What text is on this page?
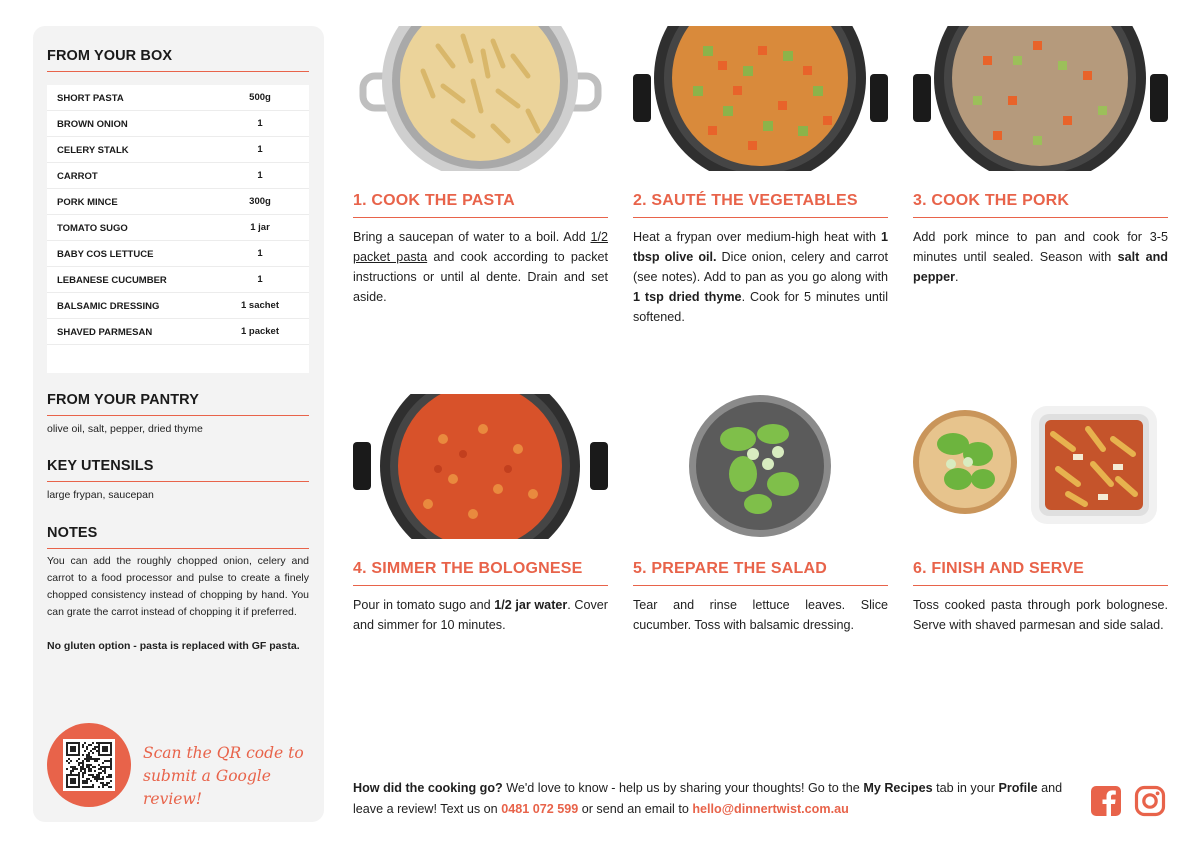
FROM YOUR BOX
SHORT PASTA	500g
BROWN ONION	1
CELERY STALK	1
CARROT	1
PORK MINCE	300g
TOMATO SUGO	1 jar
BABY COS LETTUCE	1
LEBANESE CUCUMBER	1
BALSAMIC DRESSING	1 sachet
SHAVED PARMESAN	1 packet
FROM YOUR PANTRY
olive oil, salt, pepper, dried thyme
KEY UTENSILS
large frypan, saucepan
NOTES
You can add the roughly chopped onion, celery and carrot to a food processor and pulse to create a finely chopped consistency instead of chopping by hand. You can grate the carrot instead of chopping it if preferred.
No gluten option - pasta is replaced with GF pasta.
Scan the QR code to
submit a Google review!
1. COOK THE PASTA
Bring a saucepan of water to a boil. Add 1/2 packet pasta and cook according to packet instructions or until al dente. Drain and set aside.
2. SAUTÉ THE VEGETABLES
Heat a frypan over medium-high heat with 1 tbsp olive oil. Dice onion, celery and carrot (see notes). Add to pan as you go along with 1 tsp dried thyme. Cook for 5 minutes until softened.
3. COOK THE PORK
Add pork mince to pan and cook for 3-5 minutes until sealed. Season with salt and pepper.
4. SIMMER THE BOLOGNESE
Pour in tomato sugo and 1/2 jar water. Cover and simmer for 10 minutes.
5. PREPARE THE SALAD
Tear and rinse lettuce leaves. Slice cucumber. Toss with balsamic dressing.
6. FINISH AND SERVE
Toss cooked pasta through pork bolognese. Serve with shaved parmesan and side salad.
How did the cooking go? We'd love to know - help us by sharing your thoughts! Go to the My Recipes tab in your Profile and leave a review! Text us on 0481 072 599 or send an email to hello@dinnertwist.com.au
